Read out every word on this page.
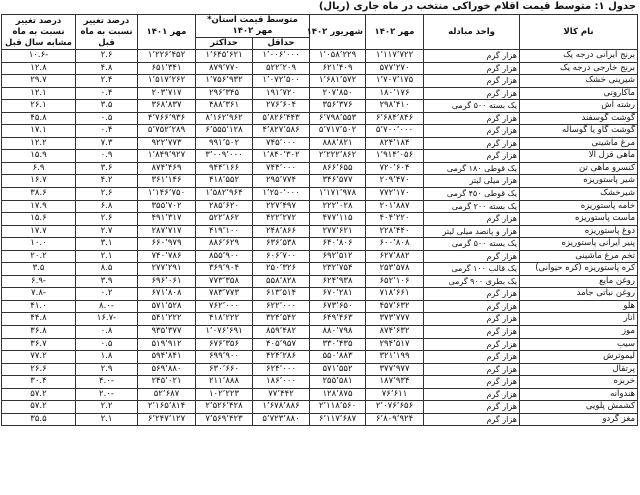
جدول ۱: متوسط قیمت اقلام خوراکی منتخب در ماه جاری (ریال)
نام کالا	واحد مبادله	مهر ۱۴۰۲	شهریور ۱۴۰۲	متوسط قیمت استان* مهر ۱۴۰۲		مهر ۱۴۰۱	درصد تغییر نسبت به ماه قبل	درصد تغییر نسبت به ماه مشابه سال قبل
				حداقل	حداکثر			
برنج ایرانی درجه یک	هزار گرم	۱٬۱۱۷٬۷۲۲	۱٬۰۵۸٬۲۲۹	۱٬۰۰۶٬۰۰۰	۱٬۶۴۵٬۶۲۱	۱٬۲۲۶٬۴۵۲	۲.۶	۱۰.۶-
برنج خارجی درجه یک	هزار گرم	۵۷۷٬۲۷۰	۶۲۱٬۴۰۹	۵۲۲٬۲۰۹	۸۷۹٬۷۷۰	۶۵۱٬۳۴۱	۴.۸	۱۲.۸
شیرینی خشک	هزار گرم	۱٬۷۰۷٬۱۷۵	۱٬۶۸۱٬۵۷۲	۱٬۰۷۲٬۵۰۰	۱٬۷۵۶٬۹۳۲	۱٬۵۱۷٬۲۶۲	۲.۴	۲۹.۷
ماکارونی	هزار گرم	۱۸۰٬۱۷۶	۲۰۷٬۸۵۰	۱۹۱٬۷۲۰	۲۹۶٬۳۴۵	۲۰۳٬۷۱۷	۰.۴	۱۲.۱
رشته آش	یک بسته ۵۰۰ گرمی	۲۹۸٬۴۱۰	۳۵۶٬۳۷۶	۲۷۶٬۶۰۴	۴۸۸٬۳۶۱	۳۶۸٬۸۳۷	۳.۵	۲۶.۱
گوشت گوسفند	هزار گرم	۶٬۶۸۴٬۸۴۶	۶٬۷۹۸٬۵۵۳	۵٬۸۲۶٬۴۴۳	۸٬۱۶۲٬۹۶۲	۴٬۷۶۶٬۹۳۶	۰.۵	۴۵.۸
گوشت گاو یا گوساله	هزار گرم	۵٬۷۰۰٬۰۰۰	۵٬۷۱۷٬۵۰۲	۴٬۸۲۷٬۵۸۶	۶٬۵۵۵٬۱۲۸	۵٬۷۵۲٬۲۸۹	۰.۴	۱۷.۱
مرغ ماشینی	هزار گرم	۸۲۴٬۱۸۴	۸۸۸٬۸۲۱	۷۴۵٬۰۰۰	۹۹۱٬۵۰۲	۹۲۲٬۷۷۳	۷.۳	۱۲.۲
ماهی قزل آلا	هزار گرم	۱٬۹۱۴٬۰۵۶	۲٬۲۲۲٬۸۶۲	۱٬۸۴۰٬۳۰۲	۳٬۰۰۹٬۰۰۰	۱٬۸۴۹٬۹۲۷	۰.۹	۱۵.۹
کنسرو ماهی تن	یک قوطی ۱۸۰ گرمی	۷۲۰٬۶۰۴	۸۶۶٬۶۵۵	۷۴۴٬۰۰۰	۹۴۴٬۱۶۶	۸۷۴٬۴۶۹	۳.۶	۶.۹
شیر پاستوریزه	هزار میلی لیتر	۲۰۹٬۴۷۰	۳۴۶٬۵۷۷	۲۹۵٬۷۷۴	۴۱۸٬۵۵۲	۳۶۱٬۱۴۶	۴.۲	۱۶.۷
شیرخشک	یک قوطی ۴۵۰ گرمی	۷۷۲٬۱۷۰	۱٬۱۷۱٬۹۷۸	۱٬۲۵۰٬۰۰۰	۱٬۵۸۲٬۹۶۴	۱٬۱۴۶٬۷۵۰	۲.۶	۳۸.۶
خامه پاستوریزه	یک بسته ۲۰۰ گرمی	۲۰۱٬۸۸۷	۲۲۲٬۰۲۸	۲۲۷٬۴۹۷	۲۸۵٬۶۲۰	۳۵۵٬۷۰۲	۶.۸	۱۷.۹
ماست پاستوریزه	هزار گرم	۴۰۴٬۲۲۰	۴۷۷٬۱۱۵	۴۲۲٬۲۷۲	۵۲۲٬۸۶۲	۴۹۱٬۳۱۷	۲.۶	۱۵.۶
دوغ پاستوریزه	هزار و پانصد میلی لیتر	۲۲۸٬۴۴۰	۲۷۷٬۶۲۱	۲۴۸٬۸۶۶	۴۱۹٬۱۰۰	۲۸۷٬۷۱۷	۲.۷	۱۷.۷
پنیر ایرانی پاستوریزه	یک بسته ۵۰۰ گرمی	۶۰۰٬۸۰۸	۶۴۰٬۸۰۶	۶۳۶٬۵۳۸	۸۸۶٬۶۲۹	۶۶۰٬۹۷۹	۳.۱	۱۰.۰
تخم مرغ ماشینی	هزار گرم	۶۲۷٬۸۸۲	۶۹۲٬۵۱۲	۶۰۶٬۷۰۰	۸۵۵٬۹۰۰	۷۴۰٬۷۸۶	۲.۱	۲۰.۲
کره پاستوریزه (کره حیوانی)	یک قالب ۱۰۰ گرمی	۲۵۳٬۵۷۸	۲۳۲٬۷۵۴	۲۵۰٬۳۲۶	۳۶۹٬۹۰۴	۲۷۷٬۲۹۱	۸.۵	۳.۵
روغن مایع	یک بطری ۹۰۰ گرمی	۶۵۲٬۱۰۶	۶۲۴٬۹۳۸	۵۵۸٬۸۲۸	۷۷۳٬۳۵۸	۶۹۶٬۰۶۱	۳.۹	۶.۹-
روغن نباتی جامد	هزار گرم	۷۱۸٬۶۶۱	۶۷۰٬۲۸۱	۶۱۳٬۵۱۴	۷۸۳٬۷۷۳	۶۷۱٬۸۰۸	۰.۲	۷.۸-
هلو	هزار گرم	۴۵۷٬۶۳۲	۶۷۳٬۶۵۰	۶۲۲٬۰۰۰	۷۶۲٬۰۰۰	۵۷۱٬۵۲۸	۸.۰-	۴۱.۰
انار	هزار گرم	۳۷۳٬۷۷۷	۶۴۹٬۴۶۳	۳۲۴٬۵۴۲	۴۱۸٬۲۲۲	۵۴۱٬۲۲۲	۱۶.۷-	۴۴.۸
موز	هزار گرم	۸۷۴٬۶۳۲	۸۸۰٬۷۹۸	۸۵۹٬۴۸۲	۱٬۰۷۶٬۶۹۱	۹۳۵٬۳۷۷	۰.۸	۳۶.۸
سیب	هزار گرم	۲۹۴٬۵۱۷	۳۳۰٬۴۳۵	۴۰۵٬۹۵۷	۶۷۶٬۳۵۶	۵۱۹٬۹۱۲	۰.۵	۳۶.۷
لیموترش	هزار گرم	۳۲۱٬۱۹۹	۵۵۰٬۸۸۳	۴۲۴٬۲۸۶	۶۹۹٬۹۰۰	۵۹۴٬۸۴۱	۱.۸	۷۷.۲
پرتقال	هزار گرم	۳۷۷٬۹۷۷	۵۷۱٬۵۵۲	۶۲۴٬۰۰۰	۶۳۰٬۶۶۰	۵۶۹٬۸۸۰	۲.۹	۲۶.۶
خربزه	هزار گرم	۱۸۷٬۹۳۴	۲۵۵٬۵۸۱	۱۸۶٬۰۰۰	۲۱۱٬۸۸۸	۲۴۵٬۰۲۱	۴.۰-	۳۰.۴
هندوانه	هزار گرم	۷۶٬۶۱۱	۱۲۸٬۸۷۵	۷۷٬۴۴۲	۱۰۲٬۲۲۳	۵۲٬۶۸۷	۲.۰-	۵۷.۲
کشمش پلویی	هزار گرم	۲٬۰۷۶٬۶۵۶	۲٬۱۱۸٬۵۶۰	۱٬۶۷۸٬۸۸۶	۲٬۵۲۶٬۴۲۸	۲٬۱۶۵٬۸۱۴	۲.۲	۵۷.۲
مغز گردو	هزار گرم	۶٬۸۰۹٬۹۲۴	۶٬۱۱۷٬۶۸۷	۵٬۷۲۳٬۸۸۰	۷٬۵۶۹٬۴۲۳	۶٬۲۴۷٬۱۲۷	۲.۱	۳۵.۵
